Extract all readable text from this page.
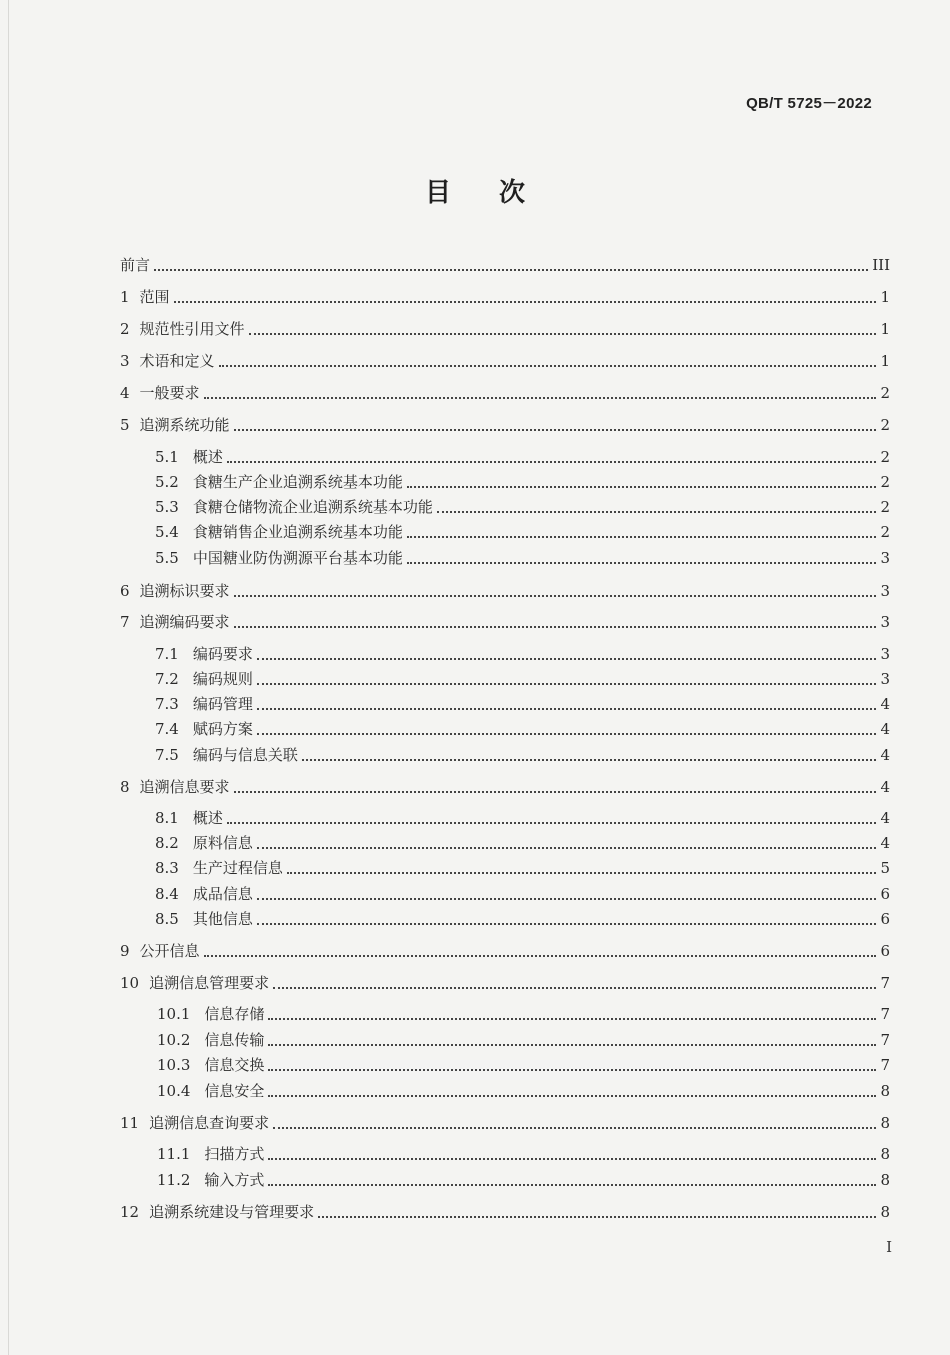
QB/T 5725－2022
目次
前言	III
1 范围	1
2 规范性引用文件	1
3 术语和定义	1
4 一般要求	2
5 追溯系统功能	2
5.1 概述	2
5.2 食糖生产企业追溯系统基本功能	2
5.3 食糖仓储物流企业追溯系统基本功能	2
5.4 食糖销售企业追溯系统基本功能	2
5.5 中国糖业防伪溯源平台基本功能	3
6 追溯标识要求	3
7 追溯编码要求	3
7.1 编码要求	3
7.2 编码规则	3
7.3 编码管理	4
7.4 赋码方案	4
7.5 编码与信息关联	4
8 追溯信息要求	4
8.1 概述	4
8.2 原料信息	4
8.3 生产过程信息	5
8.4 成品信息	6
8.5 其他信息	6
9 公开信息	6
10 追溯信息管理要求	7
10.1 信息存储	7
10.2 信息传输	7
10.3 信息交换	7
10.4 信息安全	8
11 追溯信息查询要求	8
11.1 扫描方式	8
11.2 输入方式	8
12 追溯系统建设与管理要求	8
I
